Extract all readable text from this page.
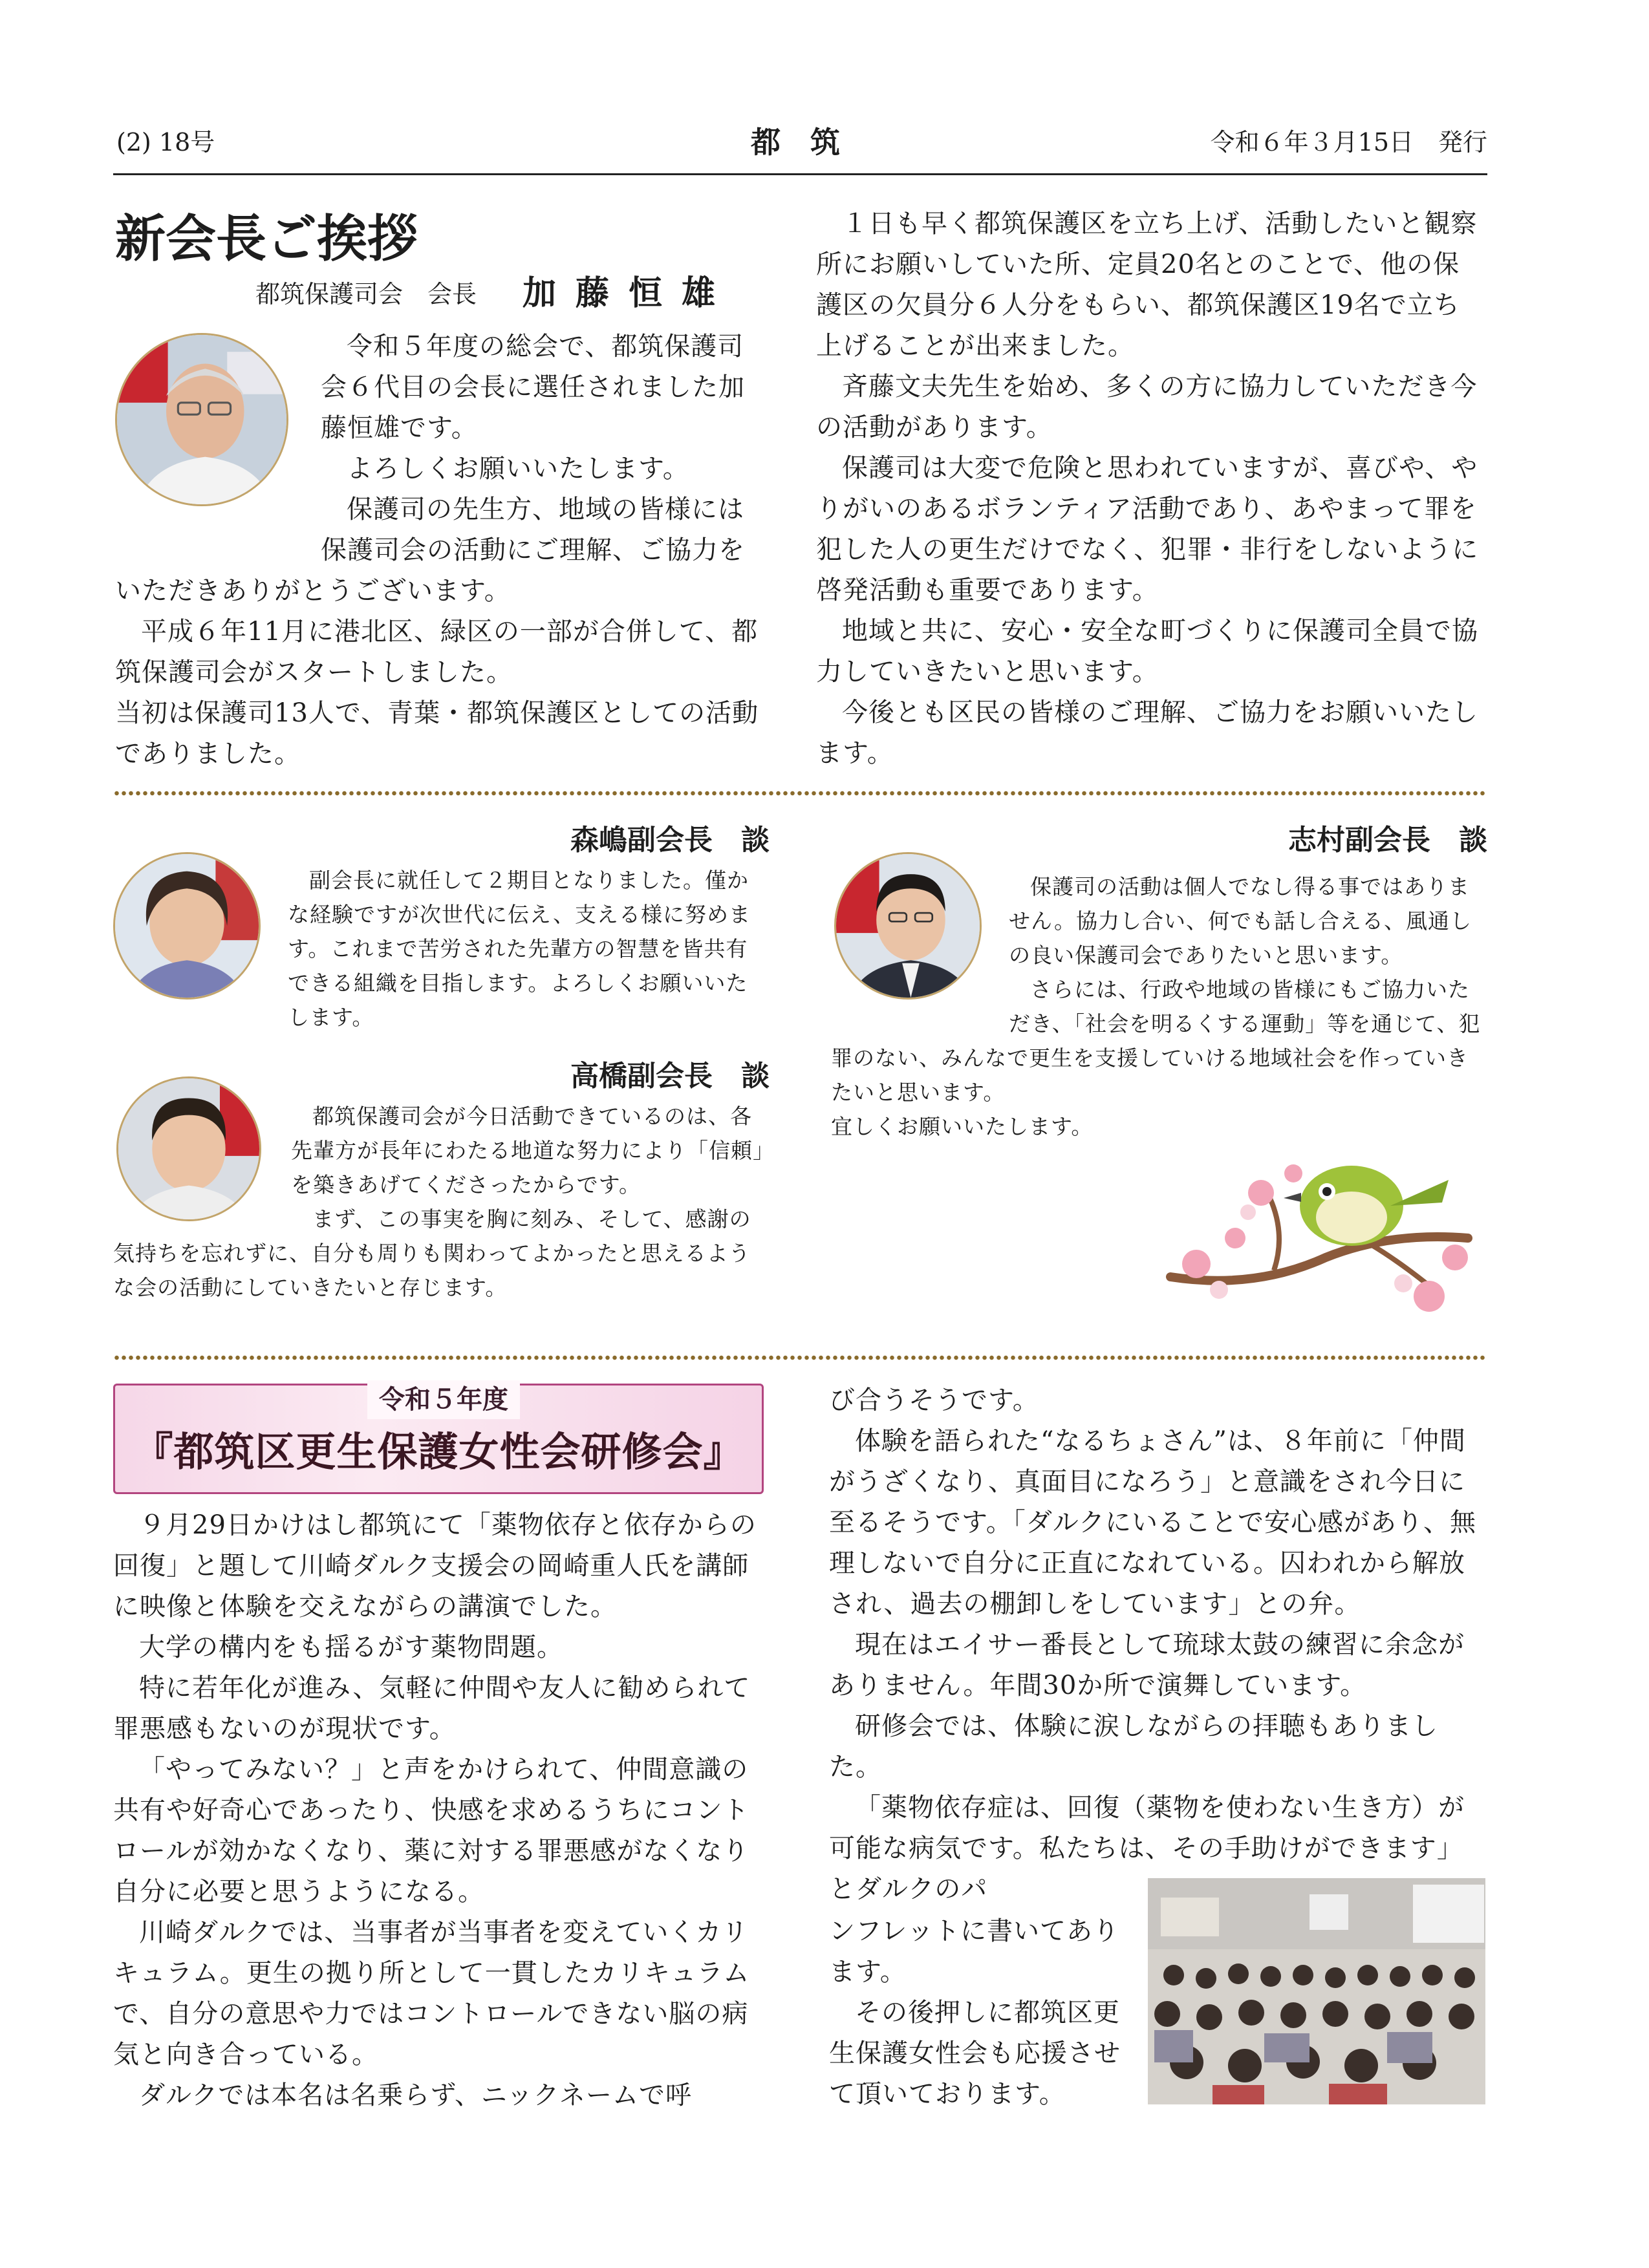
(2) 18号	都　筑	令和６年３月15日　発行
新会長ご挨拶
都筑保護司会　会長	加藤恒雄

令和５年度の総会で、都筑保護司会６代目の会長に選任されました加藤恒雄です。

よろしくお願いいたします。

保護司の先生方、地域の皆様には保護司会の活動にご理解、ご協力をいただきありがとうございます。

平成６年11月に港北区、緑区の一部が合併して、都筑保護司会がスタートしました。

当初は保護司13人で、青葉・都筑保護区としての活動でありました。

１日も早く都筑保護区を立ち上げ、活動したいと観察所にお願いしていた所、定員20名とのことで、他の保護区の欠員分６人分をもらい、都筑保護区19名で立ち上げることが出来ました。

斉藤文夫先生を始め、多くの方に協力していただき今の活動があります。

保護司は大変で危険と思われていますが、喜びや、やりがいのあるボランティア活動であり、あやまって罪を犯した人の更生だけでなく、犯罪・非行をしないように啓発活動も重要であります。

地域と共に、安心・安全な町づくりに保護司全員で協力していきたいと思います。

今後とも区民の皆様のご理解、ご協力をお願いいたします。

森嶋副会長　談

副会長に就任して２期目となりました。僅かな経験ですが次世代に伝え、支える様に努めます。これまで苦労された先輩方の智慧を皆共有できる組織を目指します。よろしくお願いいたします。

高橋副会長　談

都筑保護司会が今日活動できているのは、各先輩方が長年にわたる地道な努力により「信頼」を築きあげてくださったからです。

まず、この事実を胸に刻み、そして、感謝の気持ちを忘れずに、自分も周りも関わってよかったと思えるような会の活動にしていきたいと存じます。

志村副会長　談

保護司の活動は個人でなし得る事ではありません。協力し合い、何でも話し合える、風通しの良い保護司会でありたいと思います。

さらには、行政や地域の皆様にもご協力いただき、「社会を明るくする運動」等を通じて、犯罪のない、みんなで更生を支援していける地域社会を作っていきたいと思います。

宜しくお願いいたします。

令和５年度
『都筑区更生保護女性会研修会』

９月29日かけはし都筑にて「薬物依存と依存からの回復」と題して川崎ダルク支援会の岡崎重人氏を講師に映像と体験を交えながらの講演でした。

大学の構内をも揺るがす薬物問題。

特に若年化が進み、気軽に仲間や友人に勧められて罪悪感もないのが現状です。

「やってみない？」と声をかけられて、仲間意識の共有や好奇心であったり、快感を求めるうちにコントロールが効かなくなり、薬に対する罪悪感がなくなり自分に必要と思うようになる。

川崎ダルクでは、当事者が当事者を変えていくカリキュラム。更生の拠り所として一貫したカリキュラムで、自分の意思や力ではコントロールできない脳の病気と向き合っている。

ダルクでは本名は名乗らず、ニックネームで呼

び合うそうです。

体験を語られた“なるちょさん”は、８年前に「仲間がうざくなり、真面目になろう」と意識をされ今日に至るそうです。「ダルクにいることで安心感があり、無理しないで自分に正直になれている。囚われから解放され、過去の棚卸しをしています」との弁。

現在はエイサー番長として琉球太鼓の練習に余念がありません。年間30か所で演舞しています。

研修会では、体験に涙しながらの拝聴もありました。

「薬物依存症は、回復（薬物を使わない生き方）が可能な病気です。私たちは、その手助けができます」とダルクのパ

ンフレットに書いてあります。

その後押しに都筑区更生保護女性会も応援させて頂いております。
